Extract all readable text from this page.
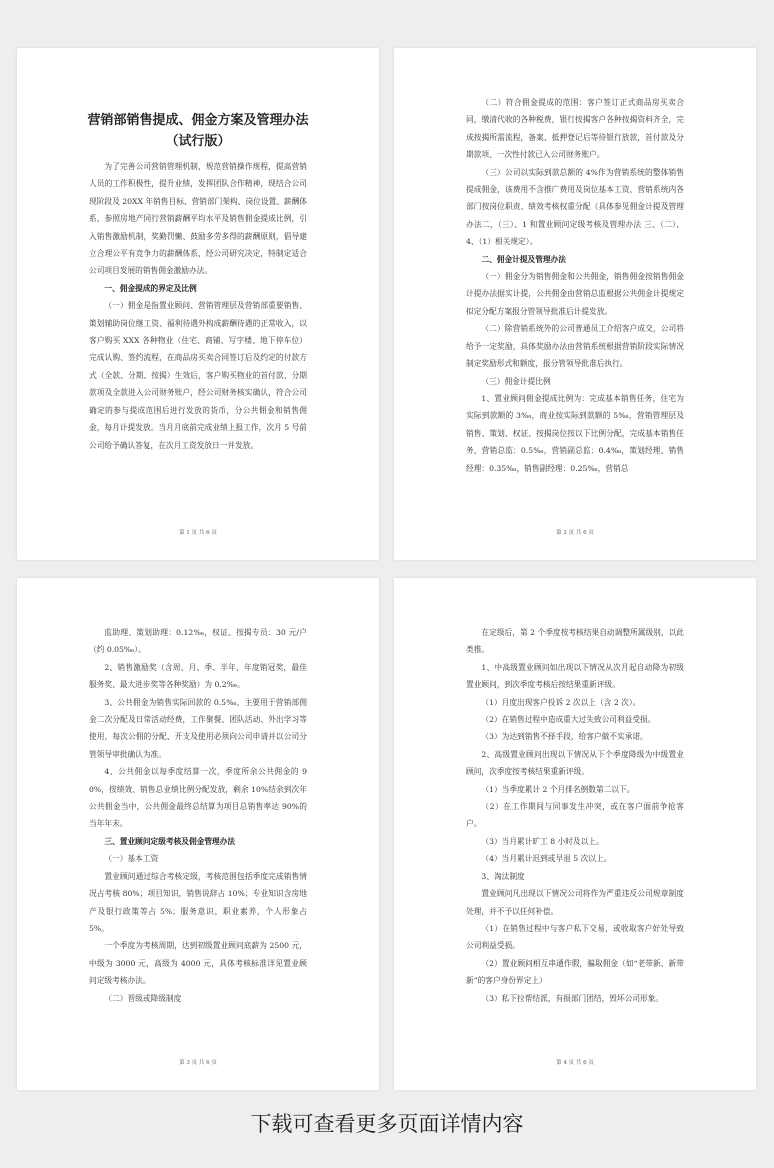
营销部销售提成、佣金方案及管理办法
（试行版）

为了完善公司营销管理机制，规范营销操作规程，提高营销人员的工作积极性，提升业绩，发挥团队合作精神，现结合公司现阶段及 20XX 年销售目标、营销部门架构、岗位设置、薪酬体系，参照房地产同行营销薪酬平均水平及销售佣金提成比例，引入销售激励机制，奖勤罚懒、鼓励多劳多得的薪酬原则，倡导建立合理公平有竞争力的薪酬体系，经公司研究决定，特制定适合公司项目发展的销售佣金激励办法。

一、佣金提成的界定及比例

（一）佣金是指置业顾问、营销管理层及营销部重要销售、策划辅助岗位继工资、福利待遇外构成薪酬待遇的正常收入，以客户购买 XXX 各种物业（住宅、商铺、写字楼、地下停车位）完成认购、签约流程，在商品房买卖合同签订后及约定的付款方式（全款、分期、按揭）生效后，客户购买物业的首付款、分期款项及全款进入公司财务账户，经公司财务核实确认，符合公司确定的参与提成范围后进行发放的货币，分公共佣金和销售佣金，每月计提发放。当月月底前完成业绩上报工作，次月 5 号前公司给予确认答复，在次月工资发放日一并发放。

第 1 页 共 6 页

（二）符合佣金提成的范围：客户签订正式商品房买卖合同，缴清代收的各种税费，银行按揭客户各种按揭资料齐全，完成按揭所需流程，备案、抵押登记后等待银行放款，首付款及分期款项、一次性付款已入公司财务账户。

（三）公司以实际到款总额的 4%作为营销系统的整体销售提成佣金，该费用不含推广费用及岗位基本工资，营销系统内各部门按岗位职责、绩效考核权重分配（具体参见佣金计提及管理办法二、（三）、1 和置业顾问定级考核及管理办法 三、（二）、4、（1）相关规定）。

二、佣金计提及管理办法

（一）佣金分为销售佣金和公共佣金，销售佣金按销售佣金计提办法据实计提，公共佣金由营销总监根据公共佣金计提规定拟定分配方案报分管领导批准后计提发放。

（二）除营销系统外的公司普通员工介绍客户成交，公司将给予一定奖励，具体奖励办法由营销系统根据营销阶段实际情况制定奖励形式和额度，报分管领导批准后执行。

（三）佣金计提比例

1、置业顾问佣金提成比例为：完成基本销售任务，住宅为实际到款额的 3‰，商业按实际到款额的 5‰，营销管理层及销售、策划、权证、按揭岗位按以下比例分配，完成基本销售任务，营销总监：0.5‰，营销副总监：0.4‰，策划经理、销售经理：0.35‰，销售副经理：0.25‰，营销总

第 2 页 共 6 页

监助理、策划助理：0.12‰，权证、按揭专员：30 元/户（约 0.05‰）。

2、销售激励奖（含周、月、季、半年、年度销冠奖，最佳服务奖、最大进步奖等各种奖励）为 0.2‰。

3、公共佣金为销售实际回款的 0.5‰，主要用于营销部佣金二次分配及日常活动经费，工作聚餐、团队活动、外出学习等使用，每次公佣的分配、开支及使用必须向公司申请并以公司分管领导审批确认为准。

4、公共佣金以每季度结算一次，季度所余公共佣金的 90%，按绩效、销售总业绩比例分配发放，剩余 10%结余到次年公共佣金当中，公共佣金最终总结算为项目总销售率达 90%的当年年末。

三、置业顾问定级考核及佣金管理办法

（一）基本工资

置业顾问通过综合考核定级，考核范围包括季度完成销售情况占考核 80%；项目知识，销售说辞占 10%；专业知识含房地产及银行政策等占 5%；服务意识，职业素养，个人形象占 5%。

一个季度为考核周期，达到初级置业顾问底薪为 2500 元，中级为 3000 元，高级为 4000 元，具体考核标准详见置业顾问定级考核办法。

（二）晋级或降级制度

第 3 页 共 6 页

在定级后，第 2 个季度按考核结果自动调整所属级别，以此类推。

1、中高级置业顾问如出现以下情况从次月起自动降为初级置业顾问，到次季度考核后按结果重新评级。

（1）月度出现客户投诉 2 次以上（含 2 次）。

（2）在销售过程中造成重大过失致公司利益受损。

（3）为达到销售不择手段，给客户做不实承诺。

2、高级置业顾问出现以下情况从下个季度降级为中级置业顾问，次季度按考核结果重新评级。

（1）当季度累计 2 个月排名倒数第二以下。

（2）在工作期间与同事发生冲突，或在客户面前争抢客户。

（3）当月累计旷工 8 小时及以上。

（4）当月累计迟到或早退 5 次以上。

3、淘汰制度

置业顾问凡出现以下情况公司将作为严重违反公司规章制度处理，并不予以任何补偿。

（1）在销售过程中与客户私下交易，或收取客户好处导致公司利益受损。

（2）置业顾问相互串通作假，骗取佣金（如“老带新、新带新”的客户身份界定上）

（3）私下拉帮结派，有损部门团结，毁坏公司形象。

第 4 页 共 6 页
下载可查看更多页面详情内容
